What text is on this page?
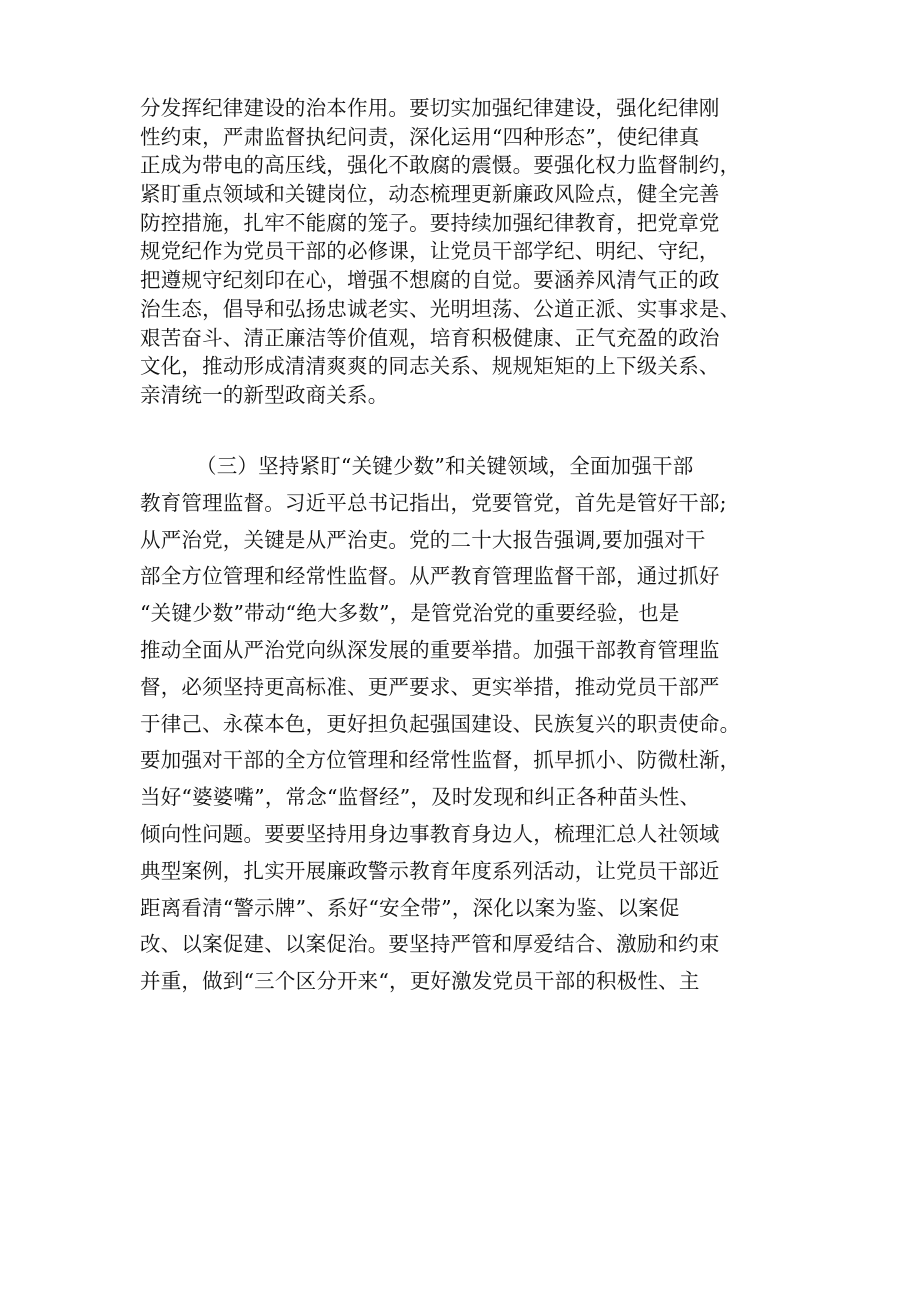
分发挥纪律建设的治本作用。要切实加强纪律建设，强化纪律刚
性约束，严肃监督执纪问责，深化运用“四种形态”，使纪律真
正成为带电的高压线，强化不敢腐的震慑。要强化权力监督制约，
紧盯重点领域和关键岗位，动态梳理更新廉政风险点，健全完善
防控措施，扎牢不能腐的笼子。要持续加强纪律教育，把党章党
规党纪作为党员干部的必修课，让党员干部学纪、明纪、守纪，
把遵规守纪刻印在心，增强不想腐的自觉。要涵养风清气正的政
治生态，倡导和弘扬忠诚老实、光明坦荡、公道正派、实事求是、
艰苦奋斗、清正廉洁等价值观，培育积极健康、正气充盈的政治
文化，推动形成清清爽爽的同志关系、规规矩矩的上下级关系、
亲清统一的新型政商关系。
（三）坚持紧盯“关键少数”和关键领域，全面加强干部
教育管理监督。习近平总书记指出，党要管党，首先是管好干部;
从严治党，关键是从严治吏。党的二十大报告强调,要加强对干
部全方位管理和经常性监督。从严教育管理监督干部，通过抓好
“关键少数”带动“绝大多数”，是管党治党的重要经验，也是
推动全面从严治党向纵深发展的重要举措。加强干部教育管理监
督，必须坚持更高标准、更严要求、更实举措，推动党员干部严
于律己、永葆本色，更好担负起强国建设、民族复兴的职责使命。
要加强对干部的全方位管理和经常性监督，抓早抓小、防微杜渐，
当好“婆婆嘴”，常念“监督经”，及时发现和纠正各种苗头性、
倾向性问题。要要坚持用身边事教育身边人，梳理汇总人社领域
典型案例，扎实开展廉政警示教育年度系列活动，让党员干部近
距离看清“警示牌”、系好“安全带”，深化以案为鉴、以案促
改、以案促建、以案促治。要坚持严管和厚爱结合、激励和约束
并重，做到“三个区分开来“，更好激发党员干部的积极性、主
